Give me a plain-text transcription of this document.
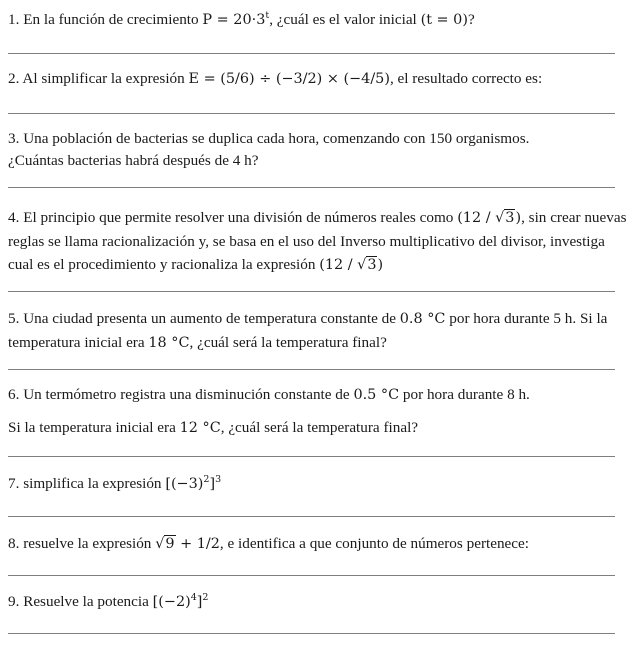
1. En la función de crecimiento $P = 20\cdot 3^t$, ¿cuál es el valor inicial (t = 0)?
2. Al simplificar la expresión E = (5/6) ÷ (−3/2) × (−4/5), el resultado correcto es:
3. Una población de bacterias se duplica cada hora, comenzando con 150 organismos.
¿Cuántas bacterias habrá después de 4 h?
4. El principio que permite resolver una división de números reales como (12 / √3), sin crear nuevas reglas se llama racionalización y, se basa en el uso del Inverso multiplicativo del divisor, investiga cual es el procedimiento y racionaliza la expresión (12 / √3)
5. Una ciudad presenta un aumento de temperatura constante de 0.8 °C por hora durante 5 h. Si la temperatura inicial era 18 °C, ¿cuál será la temperatura final?
6. Un termómetro registra una disminución constante de 0.5 °C por hora durante 8 h.
Si la temperatura inicial era 12 °C, ¿cuál será la temperatura final?
7. simplifica la expresión $[(-3)^2]^3$
8. resuelve la expresión √9 + 1/2, e identifica a que conjunto de números pertenece:
9. Resuelve la potencia $[(-2)^4]^2$
